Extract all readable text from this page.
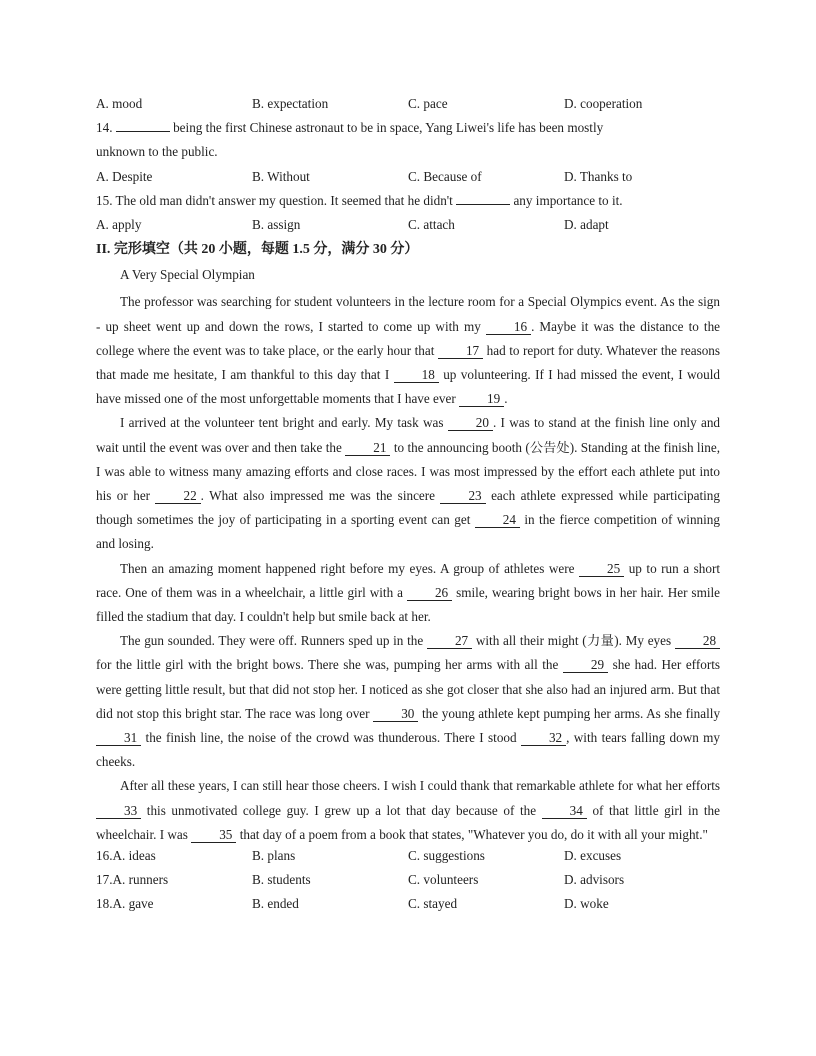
A. mood	B. expectation	C. pace	D. cooperation
14.	being the first Chinese astronaut to be in space, Yang Liwei's life has been mostly
unknown to the public.
A. Despite	B. Without	C. Because of	D. Thanks to
15. The old man didn't answer my question. It seemed that he didn't	any importance to it.
A. apply	B. assign	C. attach	D. adapt
II. 完形填空（共 20 小题，每题 1.5 分，满分 30 分）
A Very Special Olympian
The professor was searching for student volunteers in the lecture room for a Special Olympics event. As the sign - up sheet went up and down the rows, I started to come up with my	16 . Maybe it was the distance to the college where the event was to take place, or the early hour that 17 had to report for duty. Whatever the reasons that made me hesitate, I am thankful to this day that I 18 up volunteering. If I had missed the event, I would have missed one of the most unforgettable moments that I have ever 19 .
I arrived at the volunteer tent bright and early. My task was 20 . I was to stand at the finish line only and wait until the event was over and then take the 21 to the announcing booth (公告处). Standing at the finish line, I was able to witness many amazing efforts and close races. I was most impressed by the effort each athlete put into his or her	22 . What also impressed me was the sincere	23 each athlete expressed while participating though sometimes the joy of participating in a sporting event can get 24 in the fierce competition of winning and losing.
Then an amazing moment happened right before my eyes. A group of athletes were 25 up to run a short race. One of them was in a wheelchair, a little girl with a 26 smile, wearing bright bows in her hair. Her smile filled the stadium that day. I couldn't help but smile back at her.
The gun sounded. They were off. Runners sped up in the 27 with all their might (力量). My eyes 28 for the little girl with the bright bows. There she was, pumping her arms with all the 29 she had. Her efforts were getting little result, but that did not stop her. I noticed as she got closer that she also had an injured arm. But that did not stop this bright star. The race was long over 30 the young athlete kept pumping her arms. As she finally 31 the finish line, the noise of the crowd was thunderous. There I stood 32 , with tears falling down my cheeks.
After all these years, I can still hear those cheers. I wish I could thank that remarkable athlete for what her efforts 33 this unmotivated college guy. I grew up a lot that day because of the	34 of that little girl in the wheelchair. I was 35 that day of a poem from a book that states, "Whatever you do, do it with all your might."
16.A. ideas	B. plans	C. suggestions	D. excuses
17.A. runners	B. students	C. volunteers	D. advisors
18.A. gave	B. ended	C. stayed	D. woke
